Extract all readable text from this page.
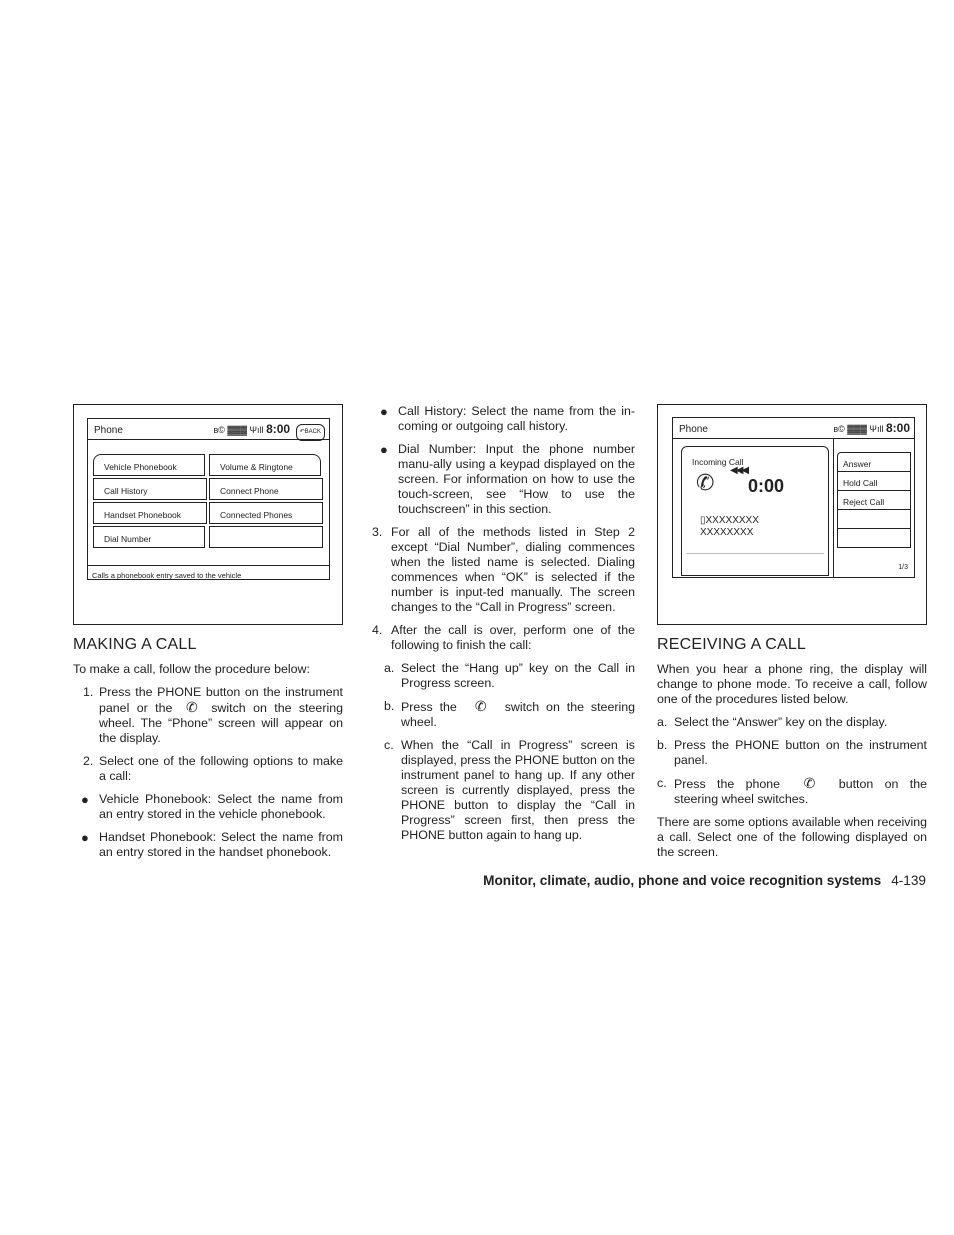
Phone	ʙ© ▓▓▓ Ψıll 8:00 ↶BACK
Vehicle Phonebook
Call History
Handset Phonebook
Dial Number
Volume & Ringtone
Connect Phone
Connected Phones
Calls a phonebook entry saved to the vehicle
MAKING A CALL

To make a call, follow the procedure below:

1. Press the PHONE button on the instrument panel or the ✆ switch on the steering wheel. The “Phone” screen will appear on the display.
2. Select one of the following options to make a call:
● Vehicle Phonebook: Select the name from an entry stored in the vehicle phonebook.
● Handset Phonebook: Select the name from an entry stored in the handset phonebook.
● Call History: Select the name from the in-coming or outgoing call history.
● Dial Number: Input the phone number manu-ally using a keypad displayed on the screen. For information on how to use the touch-screen, see “How to use the touchscreen” in this section.
3. For all of the methods listed in Step 2 except “Dial Number”, dialing commences when the listed name is selected. Dialing commences when “OK” is selected if the number is input-ted manually. The screen changes to the “Call in Progress” screen.
4. After the call is over, perform one of the following to finish the call:
a. Select the “Hang up” key on the Call in Progress screen.
b. Press the ✆ switch on the steering wheel.
c. When the “Call in Progress” screen is displayed, press the PHONE button on the instrument panel to hang up. If any other screen is currently displayed, press the PHONE button to display the “Call in Progress” screen first, then press the PHONE button again to hang up.
Phone	ʙ© ▓▓▓ Ψıll 8:00
Incoming Call
◀◀◀
✆ 0:00
▯XXXXXXXX
XXXXXXXX
Answer
Hold Call
Reject Call
1/3
RECEIVING A CALL

When you hear a phone ring, the display will change to phone mode. To receive a call, follow one of the procedures listed below.

a. Select the “Answer” key on the display.
b. Press the PHONE button on the instrument panel.
c. Press the phone ✆ button on the steering wheel switches.

There are some options available when receiving a call. Select one of the following displayed on the screen.

Monitor, climate, audio, phone and voice recognition systems 4-139
